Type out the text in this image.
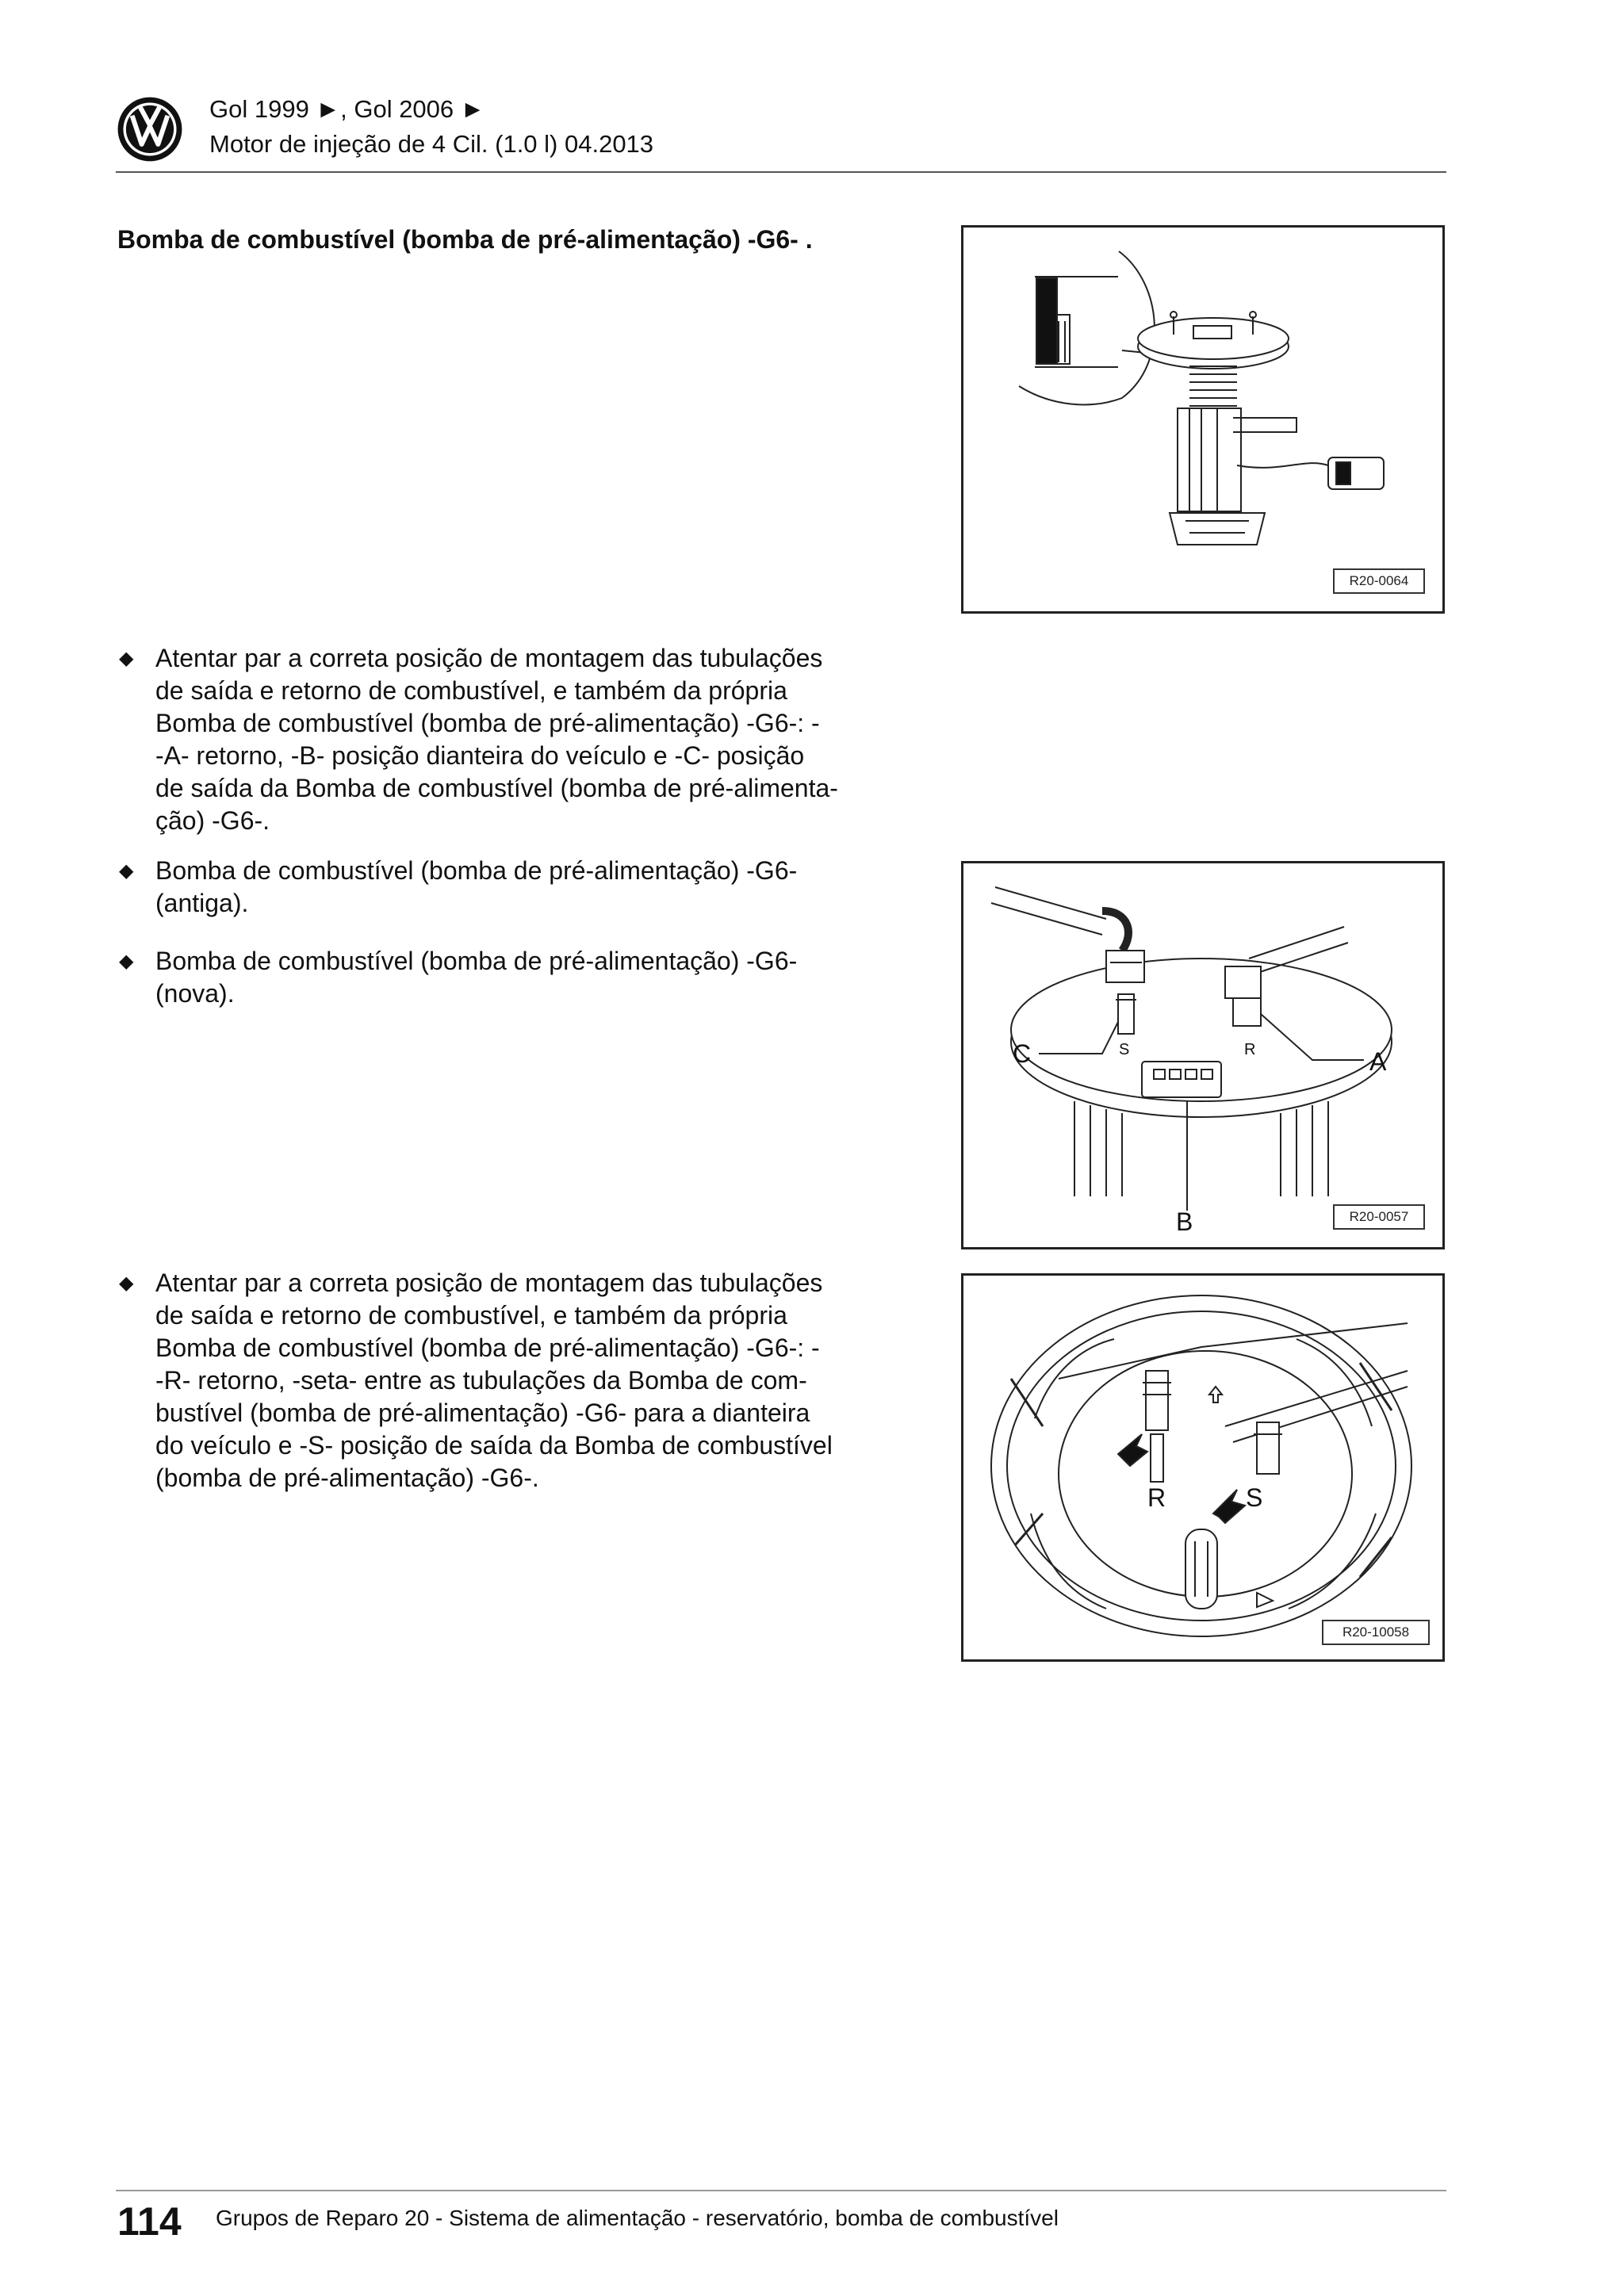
Gol 1999 ►, Gol 2006 ►
Motor de injeção de 4 Cil. (1.0 l) 04.2013
Bomba de combustível (bomba de pré-alimentação) -G6- .
◆ Atentar par a correta posição de montagem das tubulações
de saída e retorno de combustível, e também da própria
Bomba de combustível (bomba de pré-alimentação) -G6-: -
-A- retorno, -B- posição dianteira do veículo e -C- posição
de saída da Bomba de combustível (bomba de pré-alimenta-
ção) -G6-.
◆ Bomba de combustível (bomba de pré-alimentação) -G6-
(antiga).
◆ Bomba de combustível (bomba de pré-alimentação) -G6-
(nova).
◆ Atentar par a correta posição de montagem das tubulações
de saída e retorno de combustível, e também da própria
Bomba de combustível (bomba de pré-alimentação) -G6-: -
-R- retorno, -seta- entre as tubulações da Bomba de com-
bustível (bomba de pré-alimentação) -G6- para a dianteira
do veículo e -S- posição de saída da Bomba de combustível
(bomba de pré-alimentação) -G6-.
R20-0064
C	A
B
S	R
R20-0057
R	S
R20-10058
114 Grupos de Reparo 20 - Sistema de alimentação - reservatório, bomba de combustível
